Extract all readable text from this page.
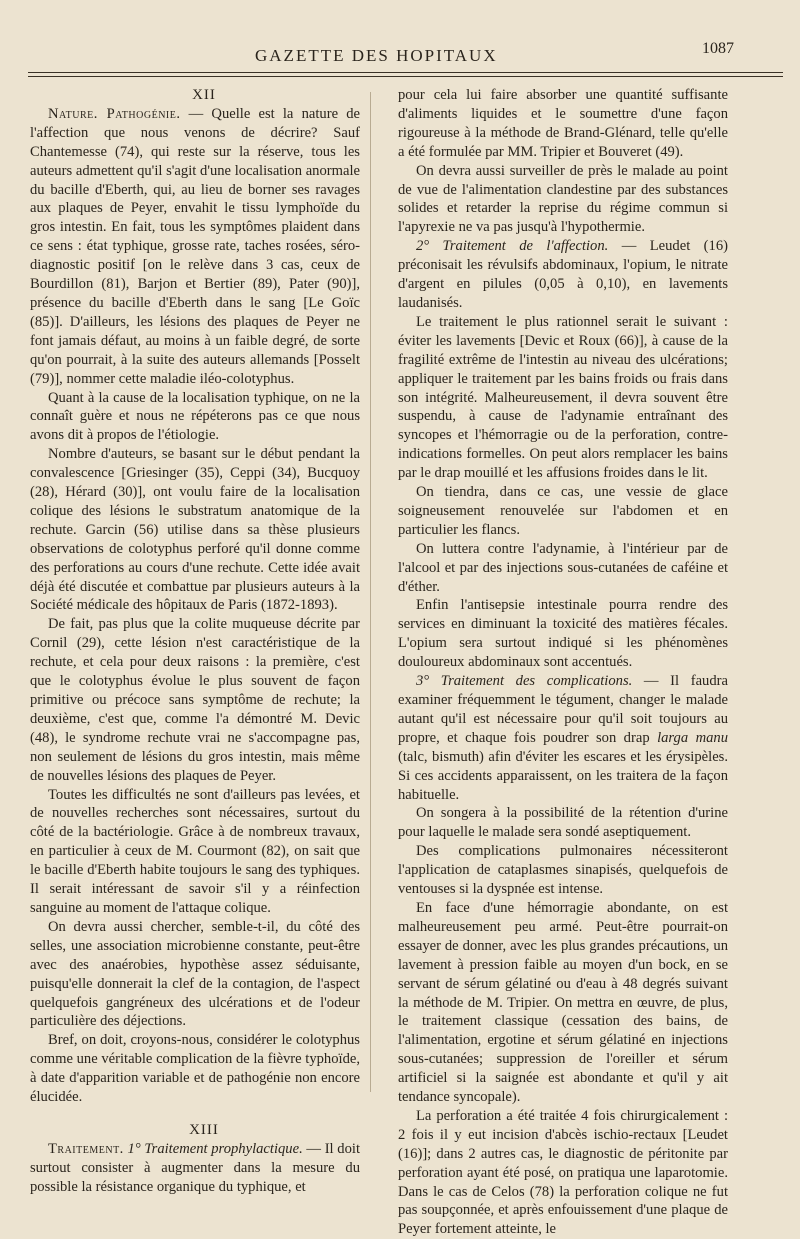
GAZETTE DES HOPITAUX	1087

XII

Nature. Pathogénie. — Quelle est la nature de l'affection que nous venons de décrire? Sauf Chantemesse (74), qui reste sur la réserve, tous les auteurs admettent qu'il s'agit d'une localisation anormale du bacille d'Eberth, qui, au lieu de borner ses ravages aux plaques de Peyer, envahit le tissu lymphoïde du gros intestin. En fait, tous les symptômes plaident dans ce sens : état typhique, grosse rate, taches rosées, séro-diagnostic positif [on le relève dans 3 cas, ceux de Bourdillon (81), Barjon et Bertier (89), Pater (90)], présence du bacille d'Eberth dans le sang [Le Goïc (85)]. D'ailleurs, les lésions des plaques de Peyer ne font jamais défaut, au moins à un faible degré, de sorte qu'on pourrait, à la suite des auteurs allemands [Posselt (79)], nommer cette maladie iléo-colotyphus.

Quant à la cause de la localisation typhique, on ne la connaît guère et nous ne répéterons pas ce que nous avons dit à propos de l'étiologie.

Nombre d'auteurs, se basant sur le début pendant la convalescence [Griesinger (35), Ceppi (34), Bucquoy (28), Hérard (30)], ont voulu faire de la localisation colique des lésions le substratum anatomique de la rechute. Garcin (56) utilise dans sa thèse plusieurs observations de colotyphus perforé qu'il donne comme des perforations au cours d'une rechute. Cette idée avait déjà été discutée et combattue par plusieurs auteurs à la Société médicale des hôpitaux de Paris (1872-1893).

De fait, pas plus que la colite muqueuse décrite par Cornil (29), cette lésion n'est caractéristique de la rechute, et cela pour deux raisons : la première, c'est que le colotyphus évolue le plus souvent de façon primitive ou précoce sans symptôme de rechute; la deuxième, c'est que, comme l'a démontré M. Devic (48), le syndrome rechute vrai ne s'accompagne pas, non seulement de lésions du gros intestin, mais même de nouvelles lésions des plaques de Peyer.

Toutes les difficultés ne sont d'ailleurs pas levées, et de nouvelles recherches sont nécessaires, surtout du côté de la bactériologie. Grâce à de nombreux travaux, en particulier à ceux de M. Courmont (82), on sait que le bacille d'Eberth habite toujours le sang des typhiques. Il serait intéressant de savoir s'il y a réinfection sanguine au moment de l'attaque colique.

On devra aussi chercher, semble-t-il, du côté des selles, une association microbienne constante, peut-être avec des anaérobies, hypothèse assez séduisante, puisqu'elle donnerait la clef de la contagion, de l'aspect quelquefois gangréneux des ulcérations et de l'odeur particulière des déjections.

Bref, on doit, croyons-nous, considérer le colotyphus comme une véritable complication de la fièvre typhoïde, à date d'apparition variable et de pathogénie non encore élucidée.

XIII

Traitement. 1° Traitement prophylactique. — Il doit surtout consister à augmenter dans la mesure du possible la résistance organique du typhique, et

pour cela lui faire absorber une quantité suffisante d'aliments liquides et le soumettre d'une façon rigoureuse à la méthode de Brand-Glénard, telle qu'elle a été formulée par MM. Tripier et Bouveret (49).

On devra aussi surveiller de près le malade au point de vue de l'alimentation clandestine par des substances solides et retarder la reprise du régime commun si l'apyrexie ne va pas jusqu'à l'hypothermie.

2° Traitement de l'affection. — Leudet (16) préconisait les révulsifs abdominaux, l'opium, le nitrate d'argent en pilules (0,05 à 0,10), en lavements laudanisés.

Le traitement le plus rationnel serait le suivant : éviter les lavements [Devic et Roux (66)], à cause de la fragilité extrême de l'intestin au niveau des ulcérations; appliquer le traitement par les bains froids ou frais dans son intégrité. Malheureusement, il devra souvent être suspendu, à cause de l'adynamie entraînant des syncopes et l'hémorragie ou de la perforation, contre-indications formelles. On peut alors remplacer les bains par le drap mouillé et les affusions froides dans le lit.

On tiendra, dans ce cas, une vessie de glace soigneusement renouvelée sur l'abdomen et en particulier les flancs.

On luttera contre l'adynamie, à l'intérieur par de l'alcool et par des injections sous-cutanées de caféine et d'éther.

Enfin l'antisepsie intestinale pourra rendre des services en diminuant la toxicité des matières fécales. L'opium sera surtout indiqué si les phénomènes douloureux abdominaux sont accentués.

3° Traitement des complications. — Il faudra examiner fréquemment le tégument, changer le malade autant qu'il est nécessaire pour qu'il soit toujours au propre, et chaque fois poudrer son drap larga manu (talc, bismuth) afin d'éviter les escares et les érysipèles. Si ces accidents apparaissent, on les traitera de la façon habituelle.

On songera à la possibilité de la rétention d'urine pour laquelle le malade sera sondé aseptiquement.

Des complications pulmonaires nécessiteront l'application de cataplasmes sinapisés, quelquefois de ventouses si la dyspnée est intense.

En face d'une hémorragie abondante, on est malheureusement peu armé. Peut-être pourrait-on essayer de donner, avec les plus grandes précautions, un lavement à pression faible au moyen d'un bock, en se servant de sérum gélatiné ou d'eau à 48 degrés suivant la méthode de M. Tripier. On mettra en œuvre, de plus, le traitement classique (cessation des bains, de l'alimentation, ergotine et sérum gélatiné en injections sous-cutanées; suppression de l'oreiller et sérum artificiel si la saignée est abondante et qu'il y ait tendance syncopale).

La perforation a été traitée 4 fois chirurgicalement : 2 fois il y eut incision d'abcès ischio-rectaux [Leudet (16)]; dans 2 autres cas, le diagnostic de péritonite par perforation ayant été posé, on pratiqua une laparotomie. Dans le cas de Celos (78) la perforation colique ne fut pas soupçonnée, et après enfouissement d'une plaque de Peyer fortement atteinte, le
